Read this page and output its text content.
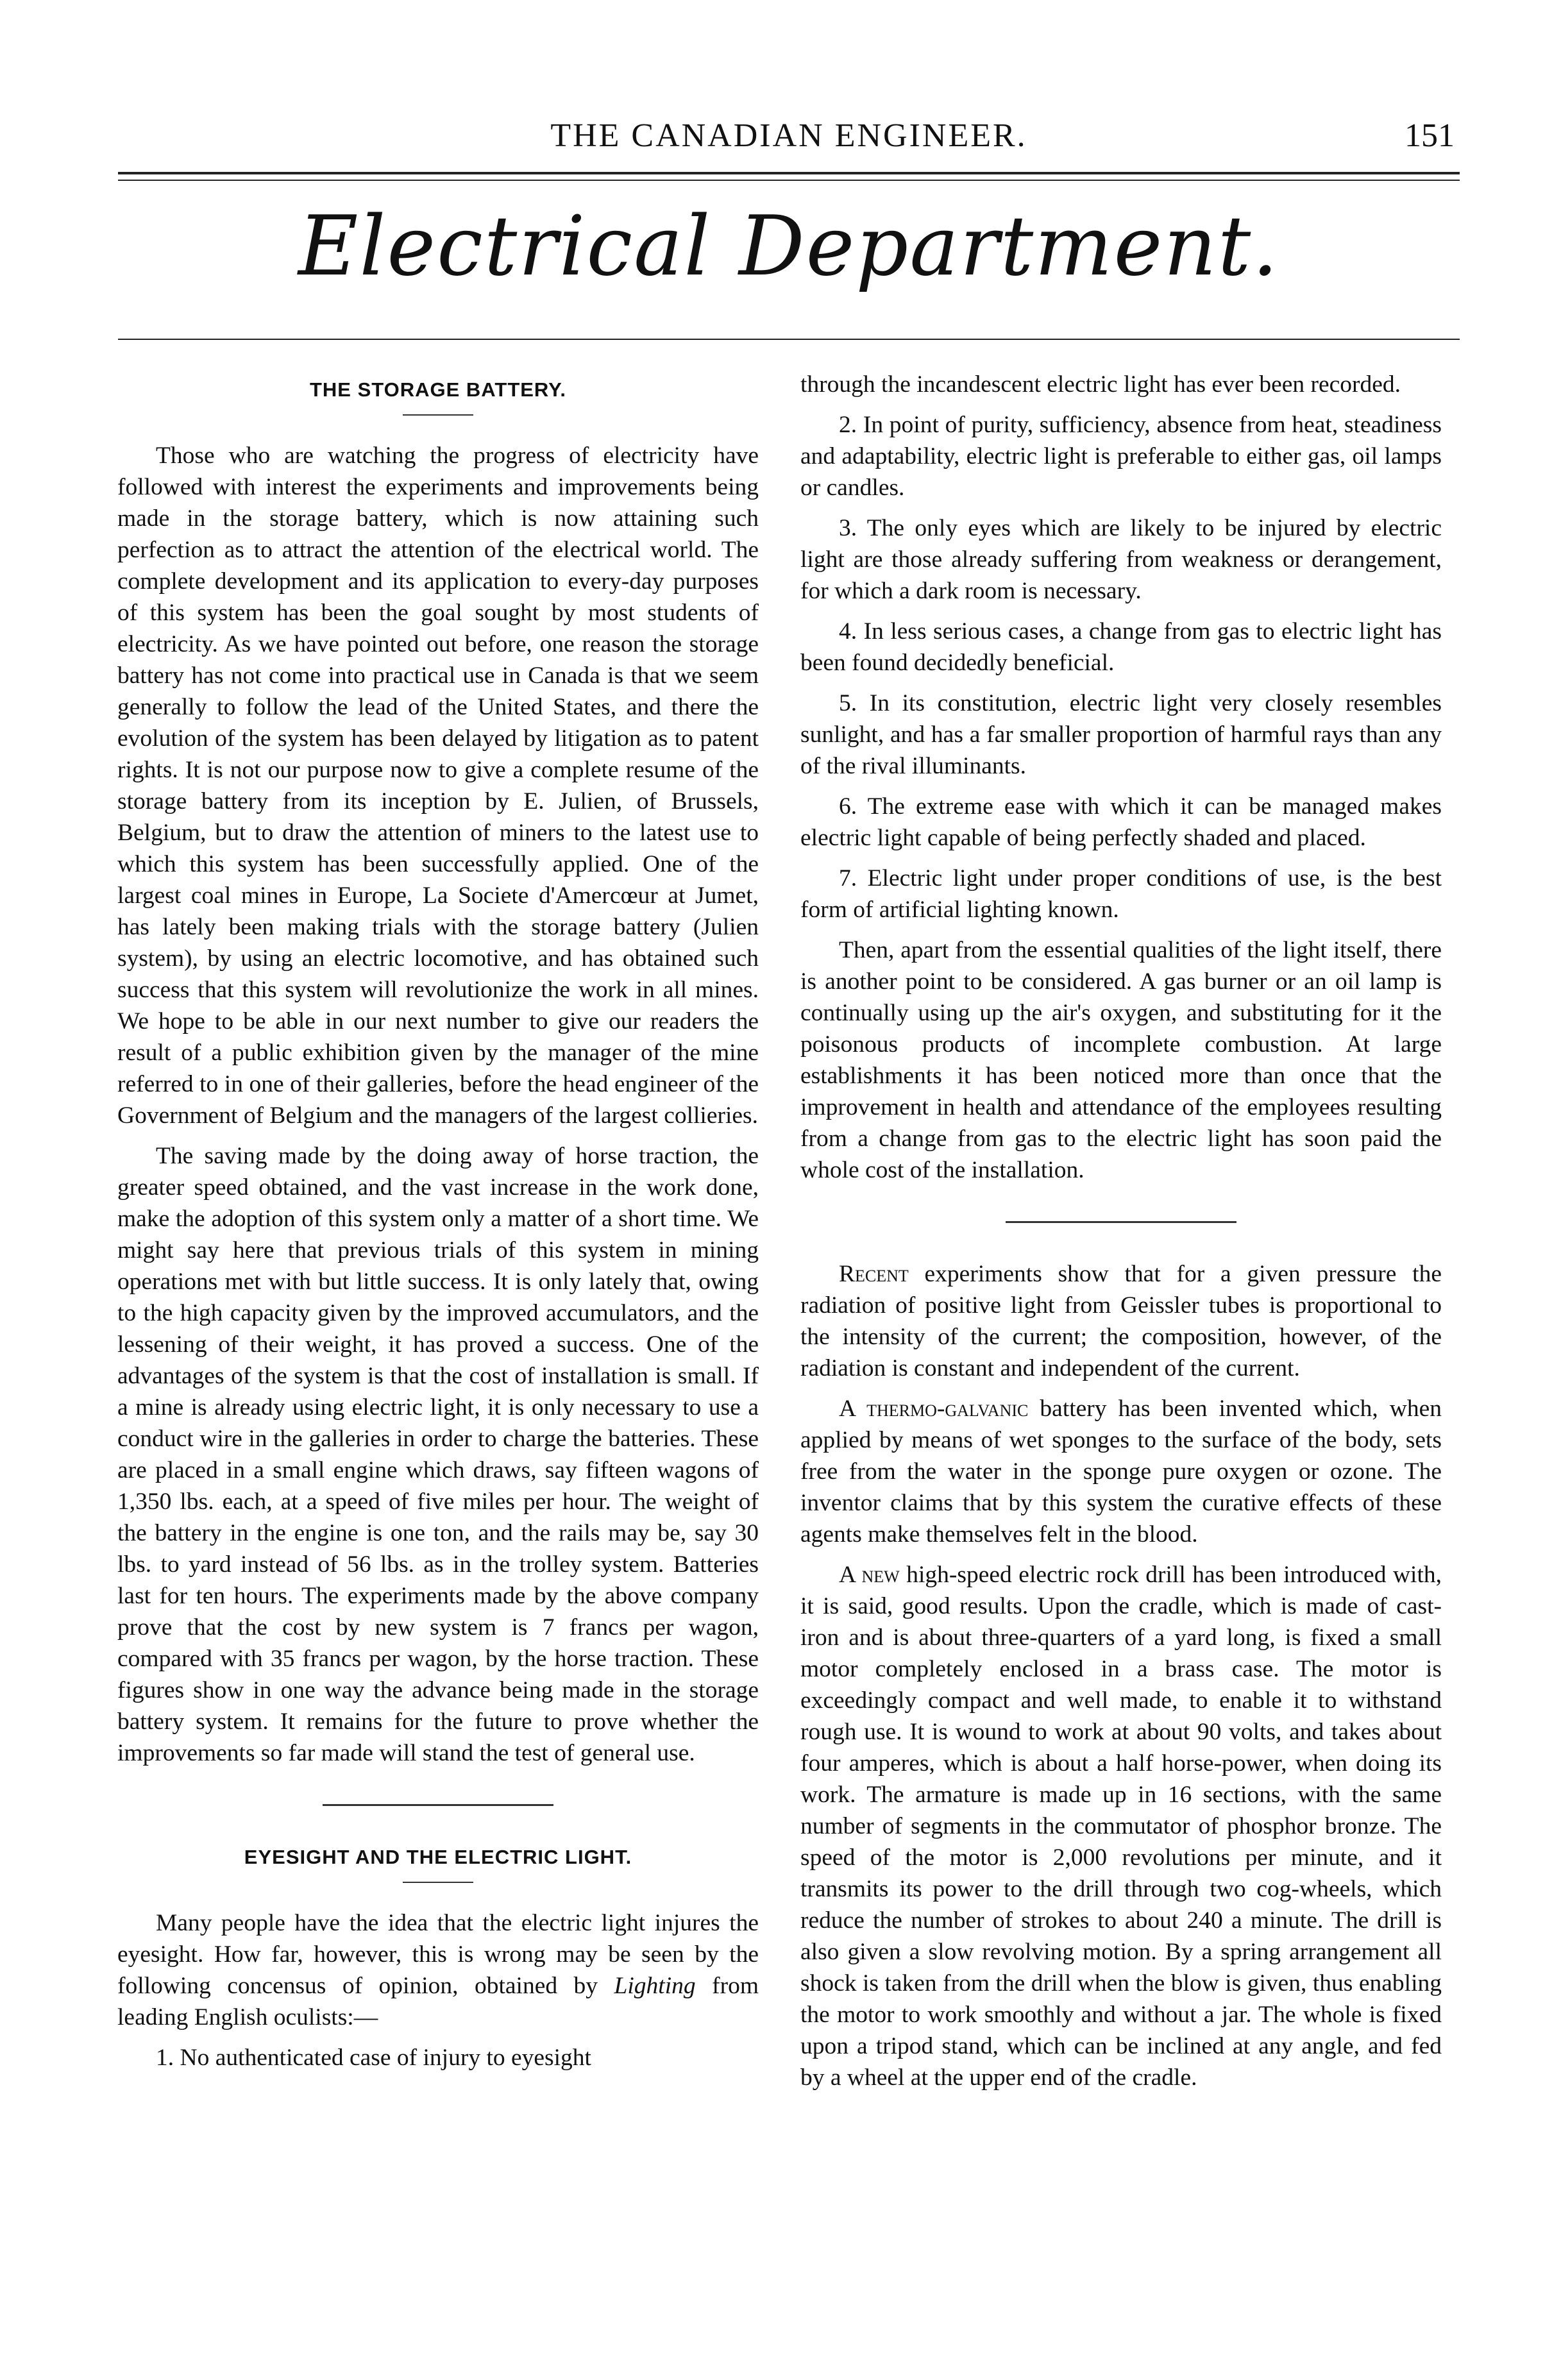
THE CANADIAN ENGINEER.	151
Electrical Department.
THE STORAGE BATTERY.

Those who are watching the progress of electricity have followed with interest the experiments and improvements being made in the storage battery, which is now attaining such perfection as to attract the attention of the electrical world. The complete development and its application to every-day purposes of this system has been the goal sought by most students of electricity. As we have pointed out before, one reason the storage battery has not come into practical use in Canada is that we seem generally to follow the lead of the United States, and there the evolution of the system has been delayed by litigation as to patent rights. It is not our purpose now to give a complete resume of the storage battery from its inception by E. Julien, of Brussels, Belgium, but to draw the attention of miners to the latest use to which this system has been successfully applied. One of the largest coal mines in Europe, La Societe d'Amercœur at Jumet, has lately been making trials with the storage battery (Julien system), by using an electric locomotive, and has obtained such success that this system will revolutionize the work in all mines. We hope to be able in our next number to give our readers the result of a public exhibition given by the manager of the mine referred to in one of their galleries, before the head engineer of the Government of Belgium and the managers of the largest collieries.

The saving made by the doing away of horse traction, the greater speed obtained, and the vast increase in the work done, make the adoption of this system only a matter of a short time. We might say here that previous trials of this system in mining operations met with but little success. It is only lately that, owing to the high capacity given by the improved accumulators, and the lessening of their weight, it has proved a success. One of the advantages of the system is that the cost of installation is small. If a mine is already using electric light, it is only necessary to use a conduct wire in the galleries in order to charge the batteries. These are placed in a small engine which draws, say fifteen wagons of 1,350 lbs. each, at a speed of five miles per hour. The weight of the battery in the engine is one ton, and the rails may be, say 30 lbs. to yard instead of 56 lbs. as in the trolley system. Batteries last for ten hours. The experiments made by the above company prove that the cost by new system is 7 francs per wagon, compared with 35 francs per wagon, by the horse traction. These figures show in one way the advance being made in the storage battery system. It remains for the future to prove whether the improvements so far made will stand the test of general use.

EYESIGHT AND THE ELECTRIC LIGHT.

Many people have the idea that the electric light injures the eyesight. How far, however, this is wrong may be seen by the following concensus of opinion, obtained by Lighting from leading English oculists:—

1. No authenticated case of injury to eyesight

through the incandescent electric light has ever been recorded.

2. In point of purity, sufficiency, absence from heat, steadiness and adaptability, electric light is preferable to either gas, oil lamps or candles.
3. The only eyes which are likely to be injured by electric light are those already suffering from weakness or derangement, for which a dark room is necessary.
4. In less serious cases, a change from gas to electric light has been found decidedly beneficial.
5. In its constitution, electric light very closely resembles sunlight, and has a far smaller proportion of harmful rays than any of the rival illuminants.
6. The extreme ease with which it can be managed makes electric light capable of being perfectly shaded and placed.
7. Electric light under proper conditions of use, is the best form of artificial lighting known.

Then, apart from the essential qualities of the light itself, there is another point to be considered. A gas burner or an oil lamp is continually using up the air's oxygen, and substituting for it the poisonous products of incomplete combustion. At large establishments it has been noticed more than once that the improvement in health and attendance of the employees resulting from a change from gas to the electric light has soon paid the whole cost of the installation.

Recent experiments show that for a given pressure the radiation of positive light from Geissler tubes is proportional to the intensity of the current; the composition, however, of the radiation is constant and independent of the current.

A thermo-galvanic battery has been invented which, when applied by means of wet sponges to the surface of the body, sets free from the water in the sponge pure oxygen or ozone. The inventor claims that by this system the curative effects of these agents make themselves felt in the blood.

A new high-speed electric rock drill has been introduced with, it is said, good results. Upon the cradle, which is made of cast-iron and is about three-quarters of a yard long, is fixed a small motor completely enclosed in a brass case. The motor is exceedingly compact and well made, to enable it to withstand rough use. It is wound to work at about 90 volts, and takes about four amperes, which is about a half horse-power, when doing its work. The armature is made up in 16 sections, with the same number of segments in the commutator of phosphor bronze. The speed of the motor is 2,000 revolutions per minute, and it transmits its power to the drill through two cog-wheels, which reduce the number of strokes to about 240 a minute. The drill is also given a slow revolving motion. By a spring arrangement all shock is taken from the drill when the blow is given, thus enabling the motor to work smoothly and without a jar. The whole is fixed upon a tripod stand, which can be inclined at any angle, and fed by a wheel at the upper end of the cradle.
